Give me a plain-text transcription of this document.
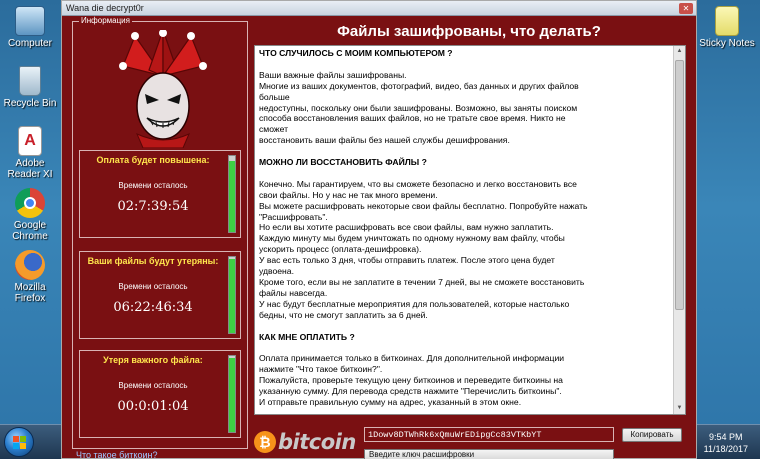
Computer
Recycle Bin
A
Adobe Reader XI
Google Chrome
Mozilla Firefox
Sticky Notes
9:54 PM
11/18/2017
Wana die decrypt0r	✕
Информация
Оплата будет повышена:
Времени осталось
02:7:39:54
Ваши файлы будут утеряны:
Времени осталось
06:22:46:34
Утеря важного файла:
Времени осталось
00:0:01:04
Что такое биткоин?
Файлы зашифрованы, что делать?
ЧТО СЛУЧИЛОСЬ С МОИМ КОМПЬЮТЕРОМ ?
Ваши важные файлы зашифрованы.
Многие из ваших документов, фотографий, видео, баз данных и других файлов
больше
недоступны, поскольку они были зашифрованы. Возможно, вы заняты поиском
способа восстановления ваших файлов, но не тратьте свое время. Никто не
сможет
восстановить ваши файлы без нашей службы дешифрования.
МОЖНО ЛИ ВОССТАНОВИТЬ ФАЙЛЫ ?
Конечно. Мы гарантируем, что вы сможете безопасно и легко восстановить все
свои файлы. Но у нас не так много времени.
Вы можете расшифровать некоторые свои файлы бесплатно. Попробуйте нажать
"Расшифровать".
Но если вы хотите расшифровать все свои файлы, вам нужно заплатить.
Каждую минуту мы будем уничтожать по одному нужному вам файлу, чтобы
ускорить процесс (оплата-дешифровка).
У вас есть только 3 дня, чтобы отправить платеж. После этого цена будет
удвоена.
Кроме того, если вы не заплатите в течении 7 дней, вы не сможете восстановить
файлы навсегда.
У нас будут бесплатные мероприятия для пользователей, которые настолько
бедны, что не смогут заплатить за 6 дней.
КАК МНЕ ОПЛАТИТЬ ?
Оплата принимается только в биткоинах. Для дополнительной информации
нажмите "Что такое биткоин?".
Пожалуйста, проверьте текущую цену биткоинов и переведите биткоины на
указанную сумму. Для перевода средств нажмите "Перечислить биткоины".
И отправьте правильную сумму на адрес, указанный в этом окне.
▲
▼
₿ bitcoin	1Dowv8DTWhRk6xQmuWrEDipgCc83VTKbYT	Копировать
Введите ключ расшифровки
